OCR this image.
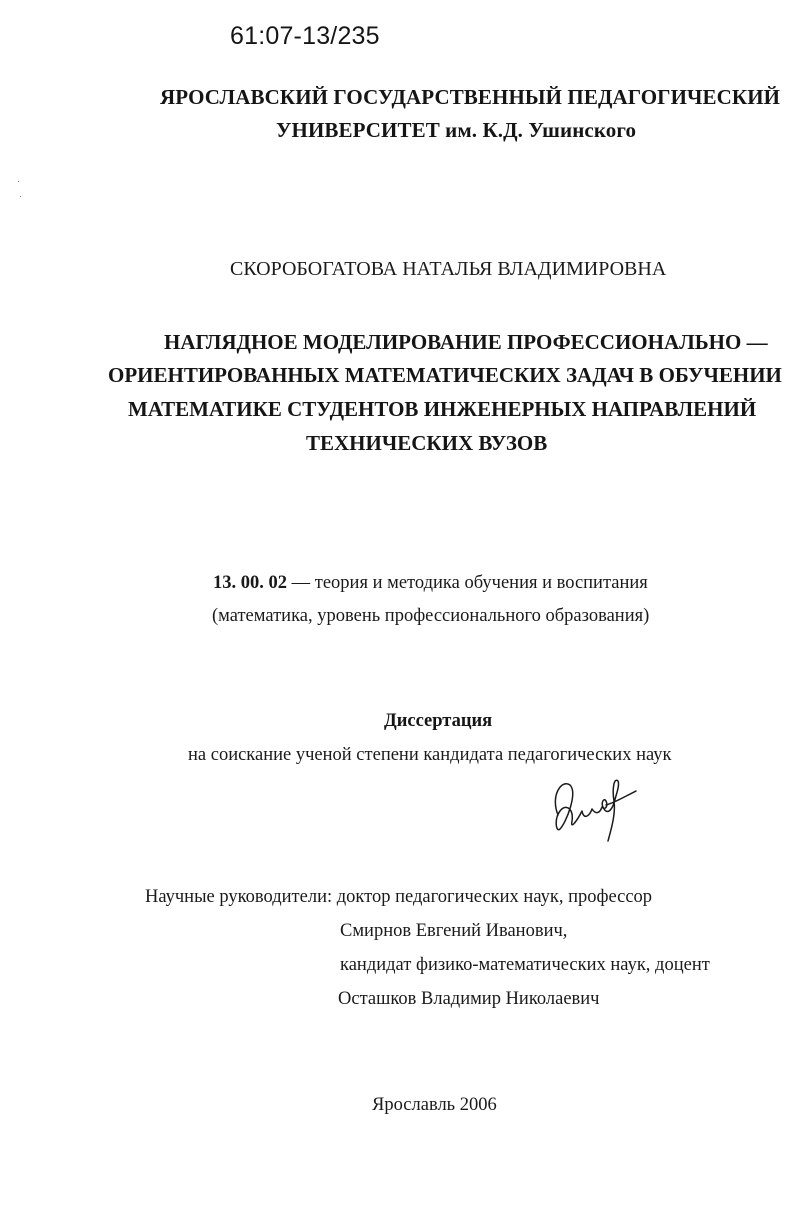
61:07-13/235
ЯРОСЛАВСКИЙ ГОСУДАРСТВЕННЫЙ ПЕДАГОГИЧЕСКИЙ
УНИВЕРСИТЕТ им. К.Д. Ушинского
СКОРОБОГАТОВА НАТАЛЬЯ ВЛАДИМИРОВНА
НАГЛЯДНОЕ МОДЕЛИРОВАНИЕ ПРОФЕССИОНАЛЬНО —
ОРИЕНТИРОВАННЫХ МАТЕМАТИЧЕСКИХ ЗАДАЧ В ОБУЧЕНИИ
МАТЕМАТИКЕ СТУДЕНТОВ ИНЖЕНЕРНЫХ НАПРАВЛЕНИЙ
ТЕХНИЧЕСКИХ ВУЗОВ
13. 00. 02 — теория и методика обучения и воспитания
(математика, уровень профессионального образования)
Диссертация
на соискание ученой степени кандидата педагогических наук
Научные руководители: доктор педагогических наук, профессор
Смирнов Евгений Иванович,
кандидат физико-математических наук, доцент
Осташков Владимир Николаевич
Ярославль 2006
